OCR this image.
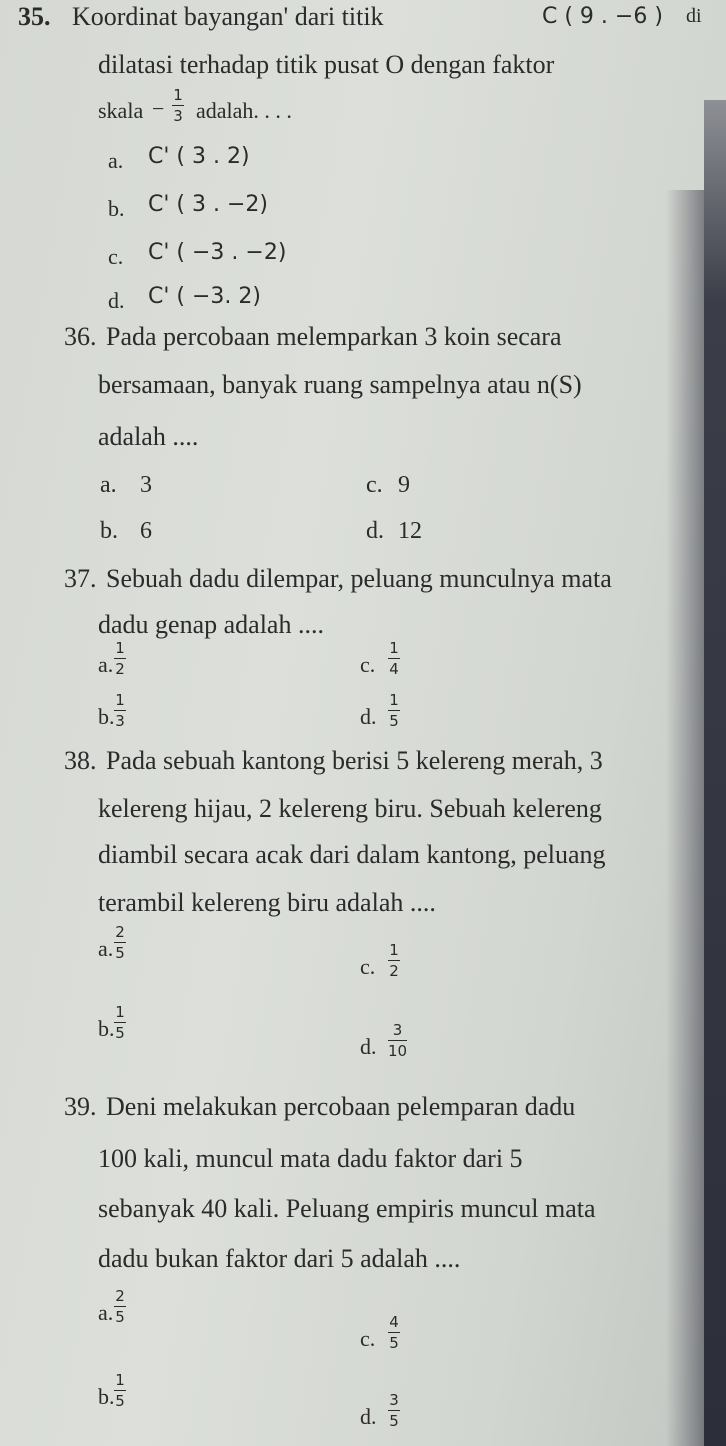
35. Koordinat bayangan' dari titik	C ( 9 . −6 ) di
dilatasi terhadap titik pusat O dengan faktor
skala −
1
3 adalah. . . .
a. C' ( 3 . 2)
b. C' ( 3 . −2)
c. C' ( −3 . −2)
d. C' ( −3. 2)
36. Pada percobaan melemparkan 3 koin secara
bersamaan, banyak ruang sampelnya atau n(S)
adalah ....
a. 3
b. 6
c. 9
d. 12
37. Sebuah dadu dilempar, peluang munculnya mata
dadu genap adalah ....
a.
1
2
b.
1
3
c.
1
4
d.
1
5
38. Pada sebuah kantong berisi 5 kelereng merah, 3
kelereng hijau, 2 kelereng biru. Sebuah kelereng
diambil secara acak dari dalam kantong, peluang
terambil kelereng biru adalah ....
a.
2
5
b.
1
5
c.
1
2
d.
3
10
39. Deni melakukan percobaan pelemparan dadu
100 kali, muncul mata dadu faktor dari 5
sebanyak 40 kali. Peluang empiris muncul mata
dadu bukan faktor dari 5 adalah ....
a.
2
5
b.
1
5
c.
4
5
d.
3
5
